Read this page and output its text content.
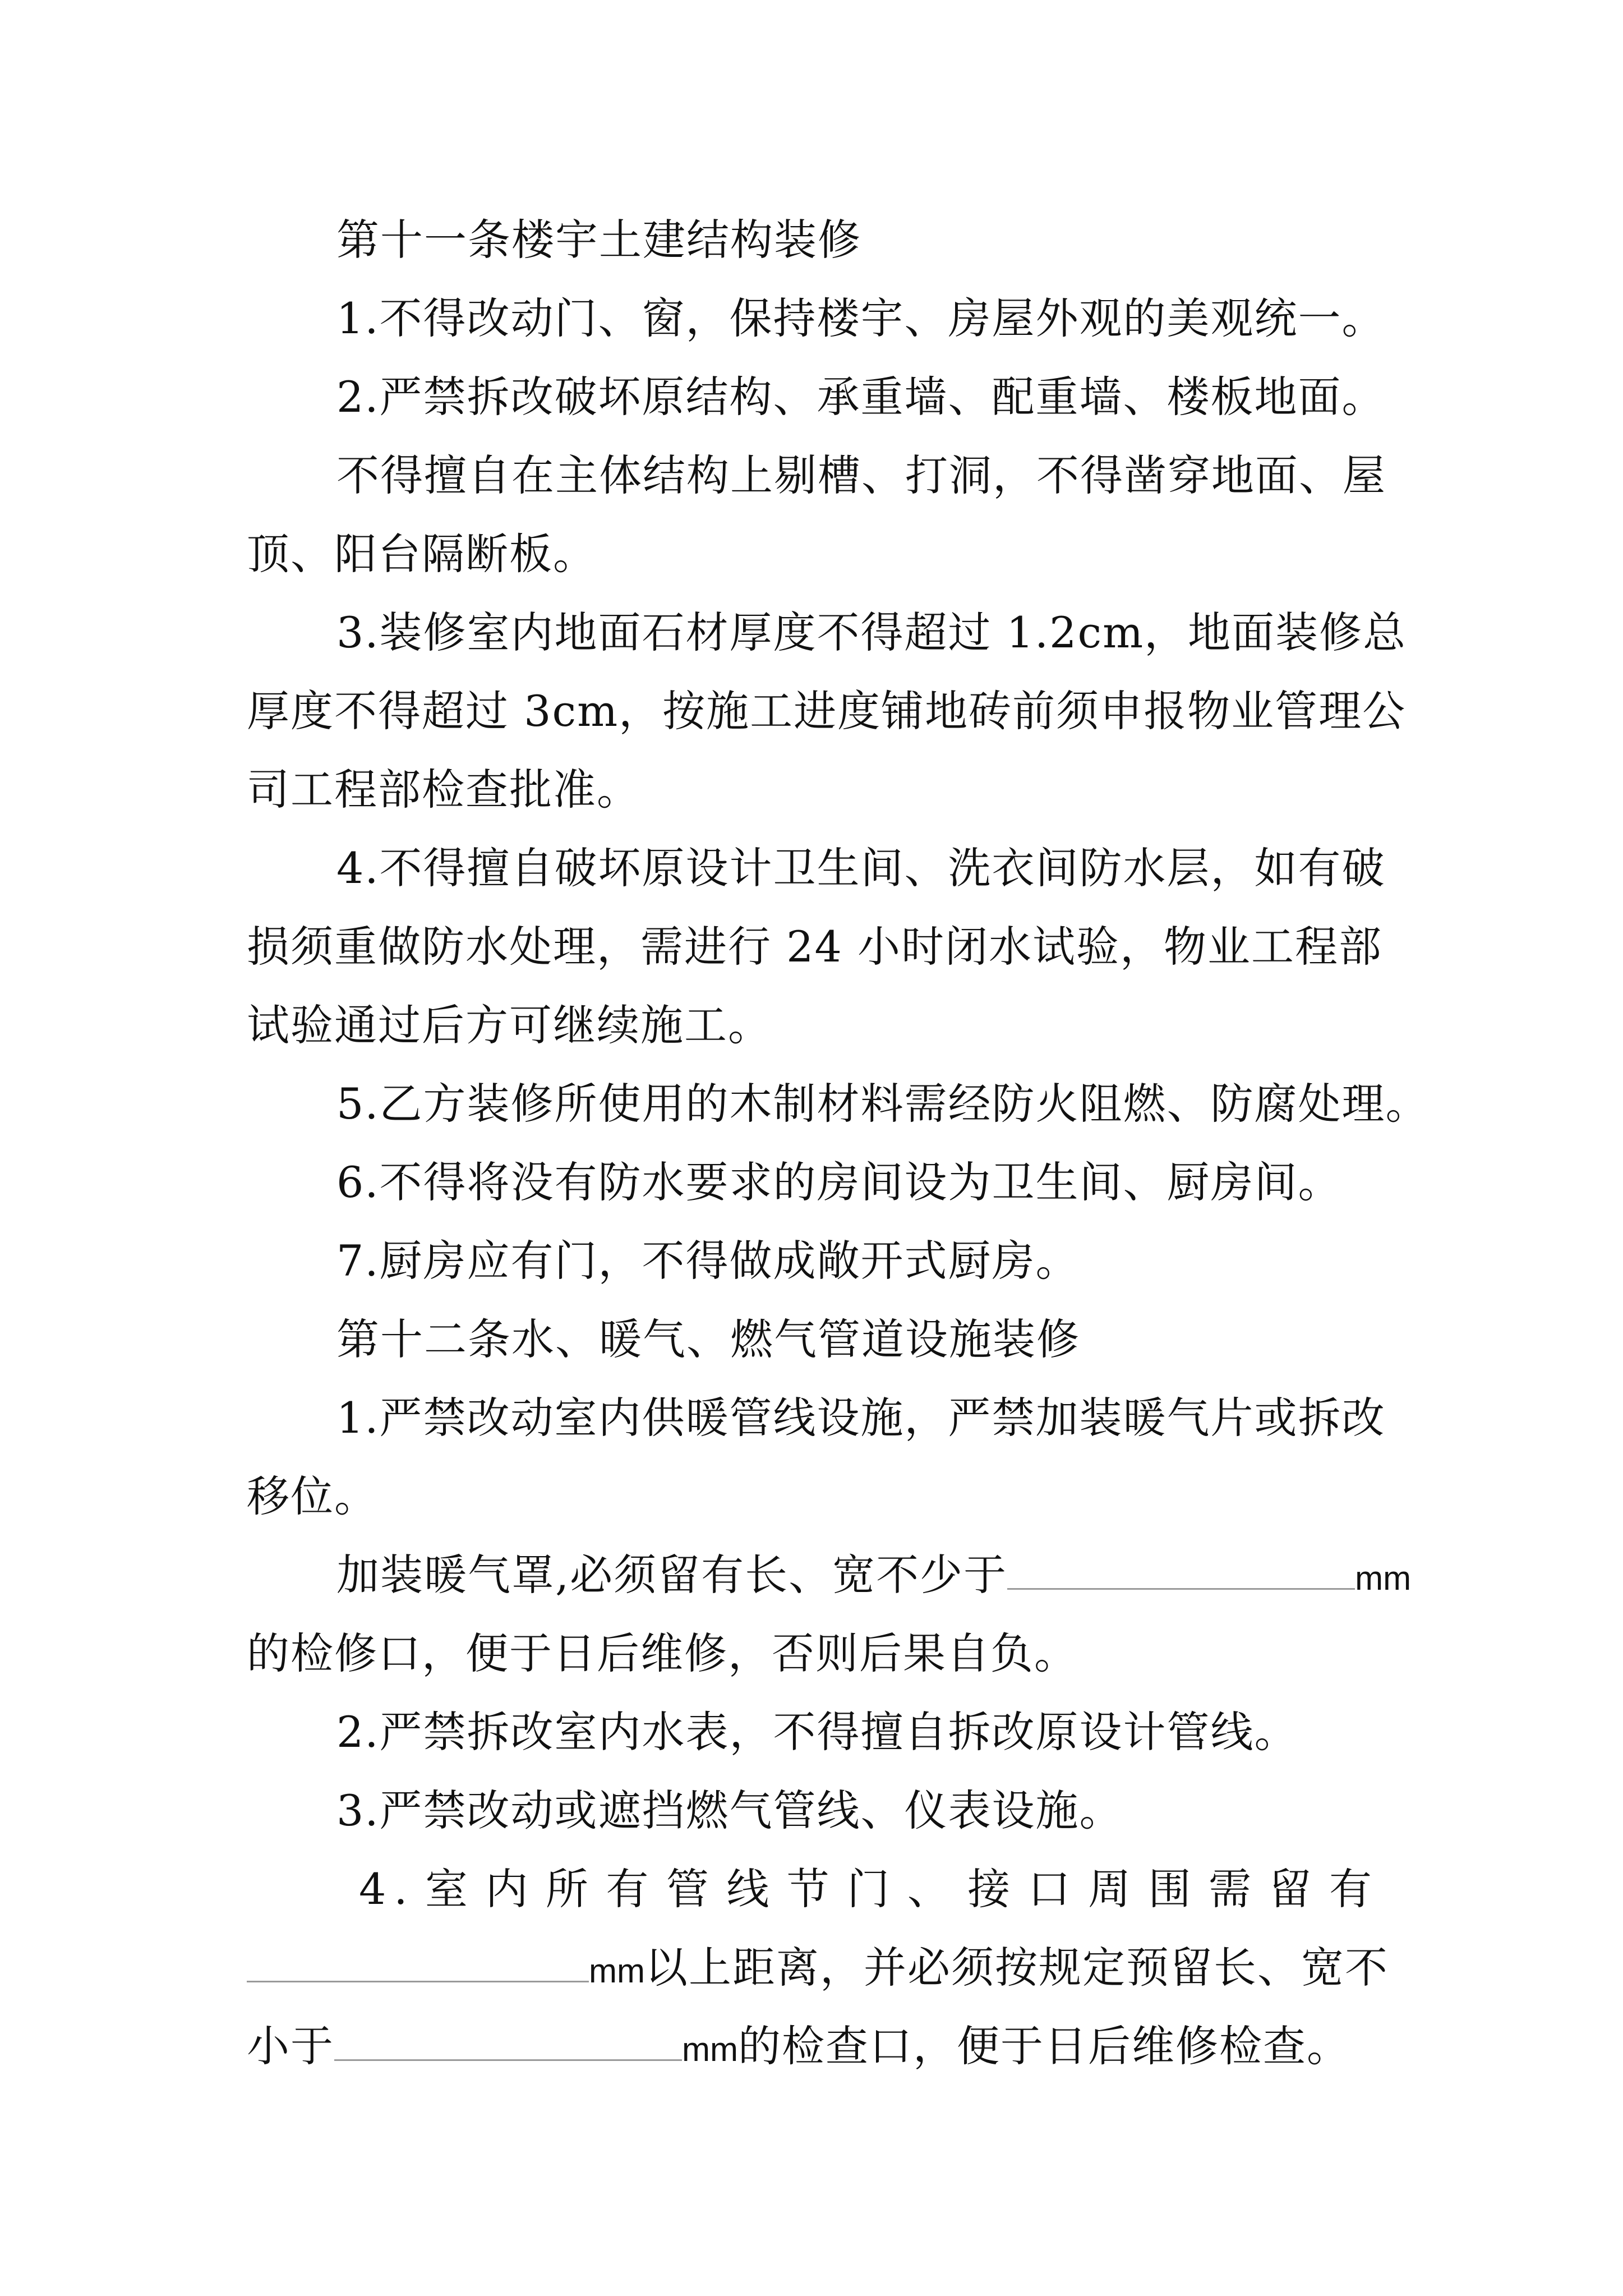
第十一条楼宇土建结构装修
1.不得改动门、窗，保持楼宇、房屋外观的美观统一。
2.严禁拆改破坏原结构、承重墙、配重墙、楼板地面。
不得擅自在主体结构上剔槽、打洞，不得凿穿地面、屋
顶、阳台隔断板。
3.装修室内地面石材厚度不得超过 1.2cm，地面装修总
厚度不得超过 3cm，按施工进度铺地砖前须申报物业管理公
司工程部检查批准。
4.不得擅自破坏原设计卫生间、洗衣间防水层，如有破
损须重做防水处理，需进行 24 小时闭水试验，物业工程部
试验通过后方可继续施工。
5.乙方装修所使用的木制材料需经防火阻燃、防腐处理。
6.不得将没有防水要求的房间设为卫生间、厨房间。
7.厨房应有门，不得做成敞开式厨房。
第十二条水、暖气、燃气管道设施装修
1.严禁改动室内供暖管线设施，严禁加装暖气片或拆改
移位。
加装暖气罩,必须留有长、宽不少于	mm
的检修口，便于日后维修，否则后果自负。
2.严禁拆改室内水表，不得擅自拆改原设计管线。
3.严禁改动或遮挡燃气管线、仪表设施。
4.室内所有管线节门、接口周围需留有
mm以上距离，并必须按规定预留长、宽不
小于	mm的检查口，便于日后维修检查。
